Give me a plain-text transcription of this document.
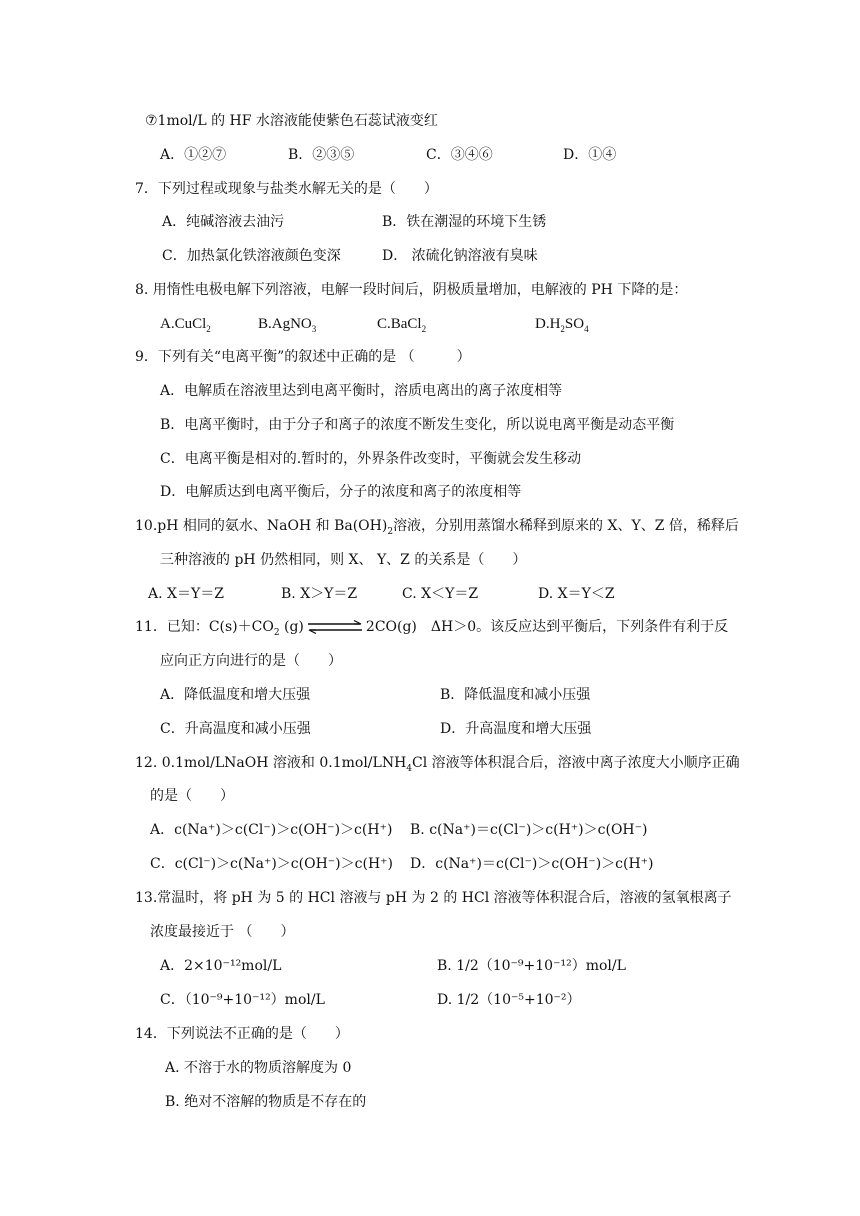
⑦1mol/L 的 HF 水溶液能使紫色石蕊试液变红
A．①②⑦	B．②③⑤	C．③④⑥	D．①④
7．下列过程或现象与盐类水解无关的是（　　）
A．纯碱溶液去油污	B．铁在潮湿的环境下生锈
C．加热氯化铁溶液颜色变深	D． 浓硫化钠溶液有臭味
8. 用惰性电极电解下列溶液，电解一段时间后，阴极质量增加，电解液的 PH 下降的是：
A.CuCl$_2$	B.AgNO$_3$	C.BaCl$_2$	$D.H_2SO_4$
9．下列有关“电离平衡”的叙述中正确的是 （　　　）
A．电解质在溶液里达到电离平衡时，溶质电离出的离子浓度相等
B．电离平衡时，由于分子和离子的浓度不断发生变化，所以说电离平衡是动态平衡
C．电离平衡是相对的.暂时的，外界条件改变时，平衡就会发生移动
D．电解质达到电离平衡后，分子的浓度和离子的浓度相等
10.pH 相同的氨水、NaOH 和 $Ba(OH)_2$溶液，分别用蒸馏水稀释到原来的 X、Y、Z 倍，稀释后
三种溶液的 pH 仍然相同，则 X、 Y、Z 的关系是（　　）
A. X＝Y＝Z	B. X＞Y＝Z	C. X＜Y＝Z	D. X＝Y＜Z
11．已知：$C(s)+CO_2$ (g)	2CO(g)　ΔH＞0。该反应达到平衡后，下列条件有利于反
应向正方向进行的是（　　）
A．降低温度和增大压强	B．降低温度和减小压强
C．升高温度和减小压强	D．升高温度和增大压强
12. 0.1mol/LNaOH 溶液和 $0.1mol/LNH_4Cl$ 溶液等体积混合后，溶液中离子浓度大小顺序正确
的是（　　）
A．c(Na⁺)＞c(Cl⁻)＞c(OH⁻)＞c(H⁺) B. c(Na⁺)＝c(Cl⁻)＞c(H⁺)＞c(OH⁻)
C．c(Cl⁻)＞c(Na⁺)＞c(OH⁻)＞c(H⁺) D．c(Na⁺)＝c(Cl⁻)＞c(OH⁻)＞c(H⁺)
13.常温时，将 pH 为 5 的 HCl 溶液与 pH 为 2 的 HCl 溶液等体积混合后，溶液的氢氧根离子
浓度最接近于 （　　）
A．2×10⁻¹²mol/L	B. 1/2（10⁻⁹+10⁻¹²）mol/L
C．（10⁻⁹+10⁻¹²）mol/L	D. 1/2（10⁻⁵+10⁻²）
14．下列说法不正确的是（　　）
A. 不溶于水的物质溶解度为 0
B. 绝对不溶解的物质是不存在的
